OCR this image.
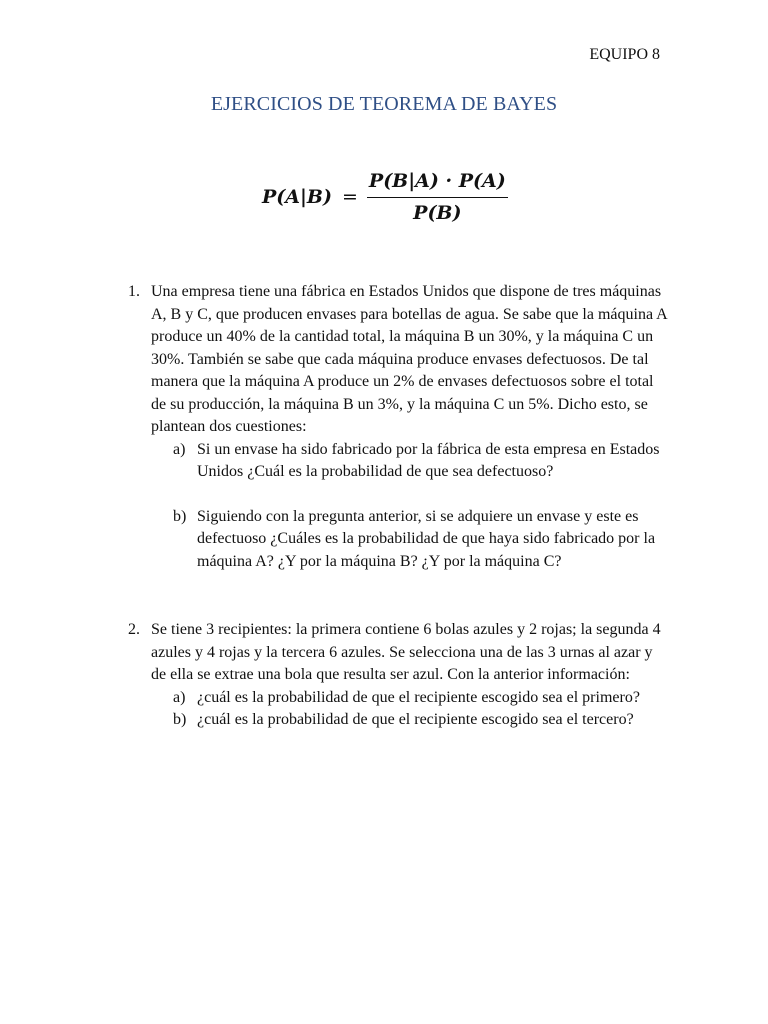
EQUIPO 8
EJERCICIOS DE TEOREMA DE BAYES
$P(A|B) = \frac{P(B|A) \cdot P(A)}{P(B)}$
1. Una empresa tiene una fábrica en Estados Unidos que dispone de tres máquinas A, B y C, que producen envases para botellas de agua. Se sabe que la máquina A produce un 40% de la cantidad total, la máquina B un 30%, y la máquina C un 30%. También se sabe que cada máquina produce envases defectuosos. De tal manera que la máquina A produce un 2% de envases defectuosos sobre el total de su producción, la máquina B un 3%, y la máquina C un 5%. Dicho esto, se plantean dos cuestiones:
a) Si un envase ha sido fabricado por la fábrica de esta empresa en Estados Unidos ¿Cuál es la probabilidad de que sea defectuoso?
b) Siguiendo con la pregunta anterior, si se adquiere un envase y este es defectuoso ¿Cuáles es la probabilidad de que haya sido fabricado por la máquina A? ¿Y por la máquina B? ¿Y por la máquina C?
2. Se tiene 3 recipientes: la primera contiene 6 bolas azules y 2 rojas; la segunda 4 azules y 4 rojas y la tercera 6 azules. Se selecciona una de las 3 urnas al azar y de ella se extrae una bola que resulta ser azul. Con la anterior información:
a) ¿cuál es la probabilidad de que el recipiente escogido sea el primero?
b) ¿cuál es la probabilidad de que el recipiente escogido sea el tercero?
